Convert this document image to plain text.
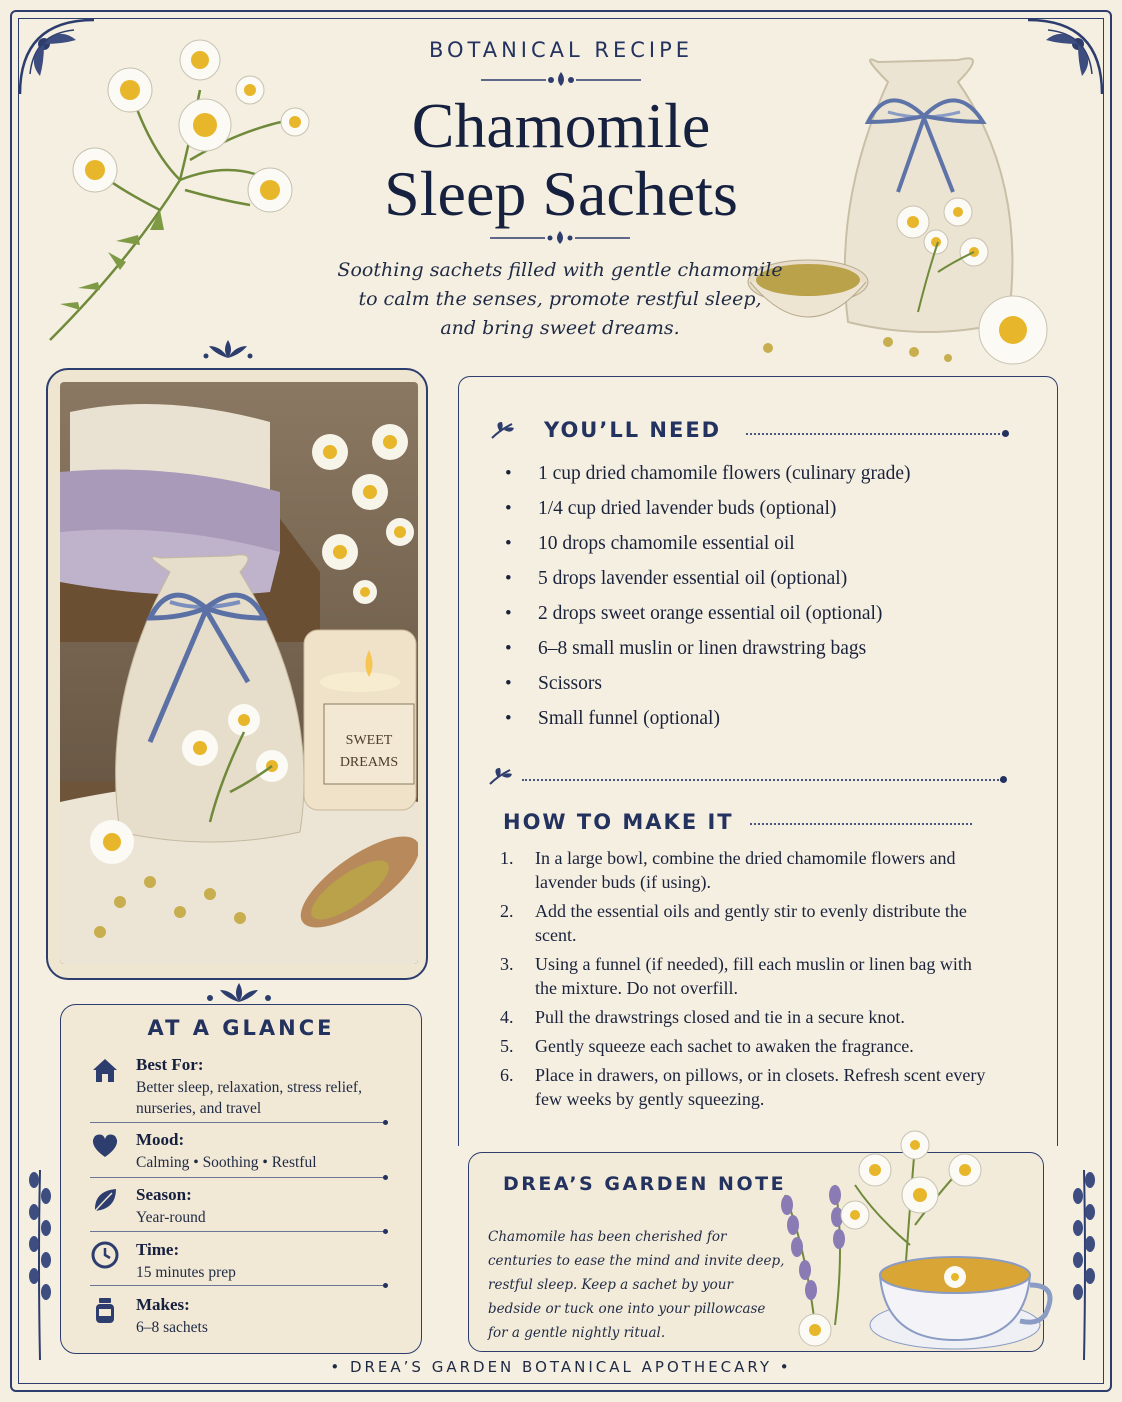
BOTANICAL RECIPE
Chamomile
Sleep Sachets
Soothing sachets filled with gentle chamomile
to calm the senses, promote restful sleep,
and bring sweet dreams.
SWEET
DREAMS
AT A GLANCE
Best For:
Better sleep, relaxation, stress relief, nurseries, and travel
Mood:
Calming • Soothing • Restful
Season:
Year-round
Time:
15 minutes prep
Makes:
6–8 sachets
YOU’LL NEED
• 1 cup dried chamomile flowers (culinary grade)
• 1/4 cup dried lavender buds (optional)
• 10 drops chamomile essential oil
• 5 drops lavender essential oil (optional)
• 2 drops sweet orange essential oil (optional)
• 6–8 small muslin or linen drawstring bags
• Scissors
• Small funnel (optional)
HOW TO MAKE IT
1. In a large bowl, combine the dried chamomile flowers and lavender buds (if using).
2. Add the essential oils and gently stir to evenly distribute the scent.
3. Using a funnel (if needed), fill each muslin or linen bag with the mixture. Do not overfill.
4. Pull the drawstrings closed and tie in a secure knot.
5. Gently squeeze each sachet to awaken the fragrance.
6. Place in drawers, on pillows, or in closets. Refresh scent every few weeks by gently squeezing.
DREA’S GARDEN NOTE
Chamomile has been cherished for centuries to ease the mind and invite deep, restful sleep. Keep a sachet by your bedside or tuck one into your pillowcase for a gentle nightly ritual.
• DREA’S GARDEN BOTANICAL APOTHECARY •
